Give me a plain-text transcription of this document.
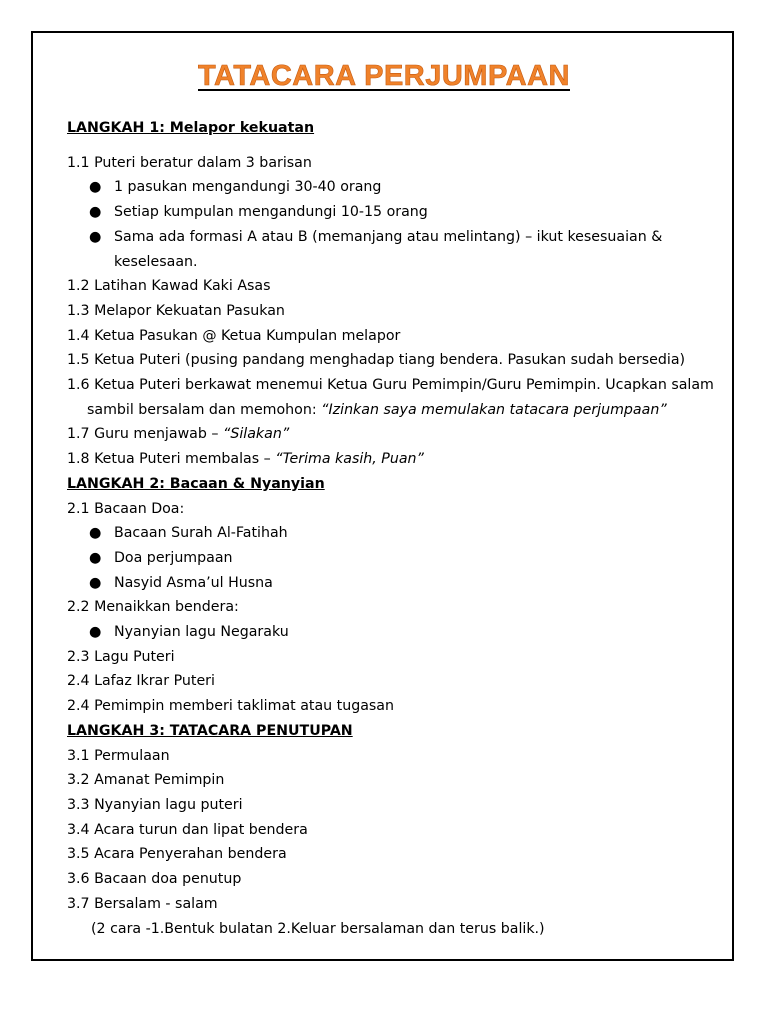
TATACARA PERJUMPAAN
LANGKAH 1: Melapor kekuatan
1.1 Puteri beratur dalam 3 barisan
● 1 pasukan mengandungi 30-40 orang
● Setiap kumpulan mengandungi 10-15 orang
● Sama ada formasi A atau B (memanjang atau melintang) – ikut kesesuaian &
keselesaan.
1.2 Latihan Kawad Kaki Asas
1.3 Melapor Kekuatan Pasukan
1.4 Ketua Pasukan @ Ketua Kumpulan melapor
1.5 Ketua Puteri (pusing pandang menghadap tiang bendera. Pasukan sudah bersedia)
1.6 Ketua Puteri berkawat menemui Ketua Guru Pemimpin/Guru Pemimpin. Ucapkan salam
sambil bersalam dan memohon: “Izinkan saya memulakan tatacara perjumpaan”
1.7 Guru menjawab – “Silakan”
1.8 Ketua Puteri membalas – “Terima kasih, Puan”
LANGKAH 2: Bacaan & Nyanyian
2.1 Bacaan Doa:
● Bacaan Surah Al-Fatihah
● Doa perjumpaan
● Nasyid Asma’ul Husna
2.2 Menaikkan bendera:
● Nyanyian lagu Negaraku
2.3 Lagu Puteri
2.4 Lafaz Ikrar Puteri
2.4 Pemimpin memberi taklimat atau tugasan
LANGKAH 3: TATACARA PENUTUPAN
3.1 Permulaan
3.2 Amanat Pemimpin
3.3 Nyanyian lagu puteri
3.4 Acara turun dan lipat bendera
3.5 Acara Penyerahan bendera
3.6 Bacaan doa penutup
3.7 Bersalam - salam
(2 cara -1.Bentuk bulatan 2.Keluar bersalaman dan terus balik.)
